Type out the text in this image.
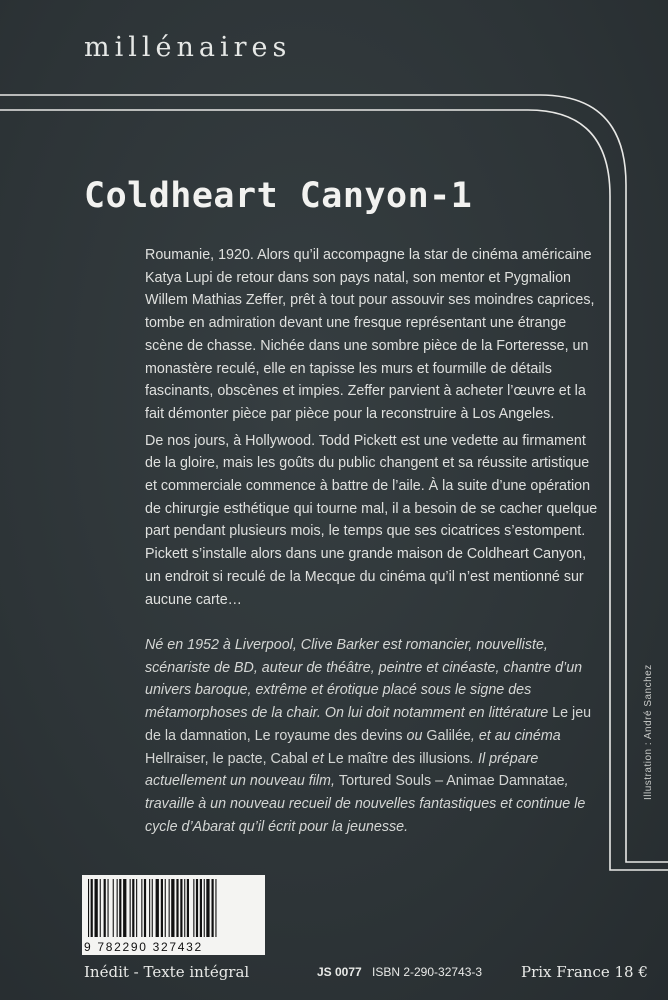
millénaires
Coldheart Canyon-1

Roumanie, 1920. Alors qu’il accompagne la star de cinéma américaine Katya Lupi de retour dans son pays natal, son mentor et Pygmalion Willem Mathias Zeffer, prêt à tout pour assouvir ses moindres caprices, tombe en admiration devant une fresque représentant une étrange scène de chasse. Nichée dans une sombre pièce de la Forteresse, un monastère reculé, elle en tapisse les murs et fourmille de détails fascinants, obscènes et impies. Zeffer parvient à acheter l’œuvre et la fait démonter pièce par pièce pour la reconstruire à Los Angeles.

De nos jours, à Hollywood. Todd Pickett est une vedette au firmament de la gloire, mais les goûts du public changent et sa réussite artistique et commerciale commence à battre de l’aile. À la suite d’une opération de chirurgie esthétique qui tourne mal, il a besoin de se cacher quelque part pendant plusieurs mois, le temps que ses cicatrices s’estompent. Pickett s’installe alors dans une grande maison de Coldheart Canyon, un endroit si reculé de la Mecque du cinéma qu’il n’est mentionné sur aucune carte…

Né en 1952 à Liverpool, Clive Barker est romancier, nouvelliste, scénariste de BD, auteur de théâtre, peintre et cinéaste, chantre d’un univers baroque, extrême et érotique placé sous le signe des métamorphoses de la chair. On lui doit notamment en littérature Le jeu de la damnation, Le royaume des devins ou Galilée, et au cinéma Hellraiser, le pacte, Cabal et Le maître des illusions. Il prépare actuellement un nouveau film, Tortured Souls – Animae Damnatae, travaille à un nouveau recueil de nouvelles fantastiques et continue le cycle d’Abarat qu’il écrit pour la jeunesse.
Illustration : André Sanchez
9 782290 327432
Inédit - Texte intégral	JS 0077 ISBN 2-290-32743-3	Prix France 18 €
